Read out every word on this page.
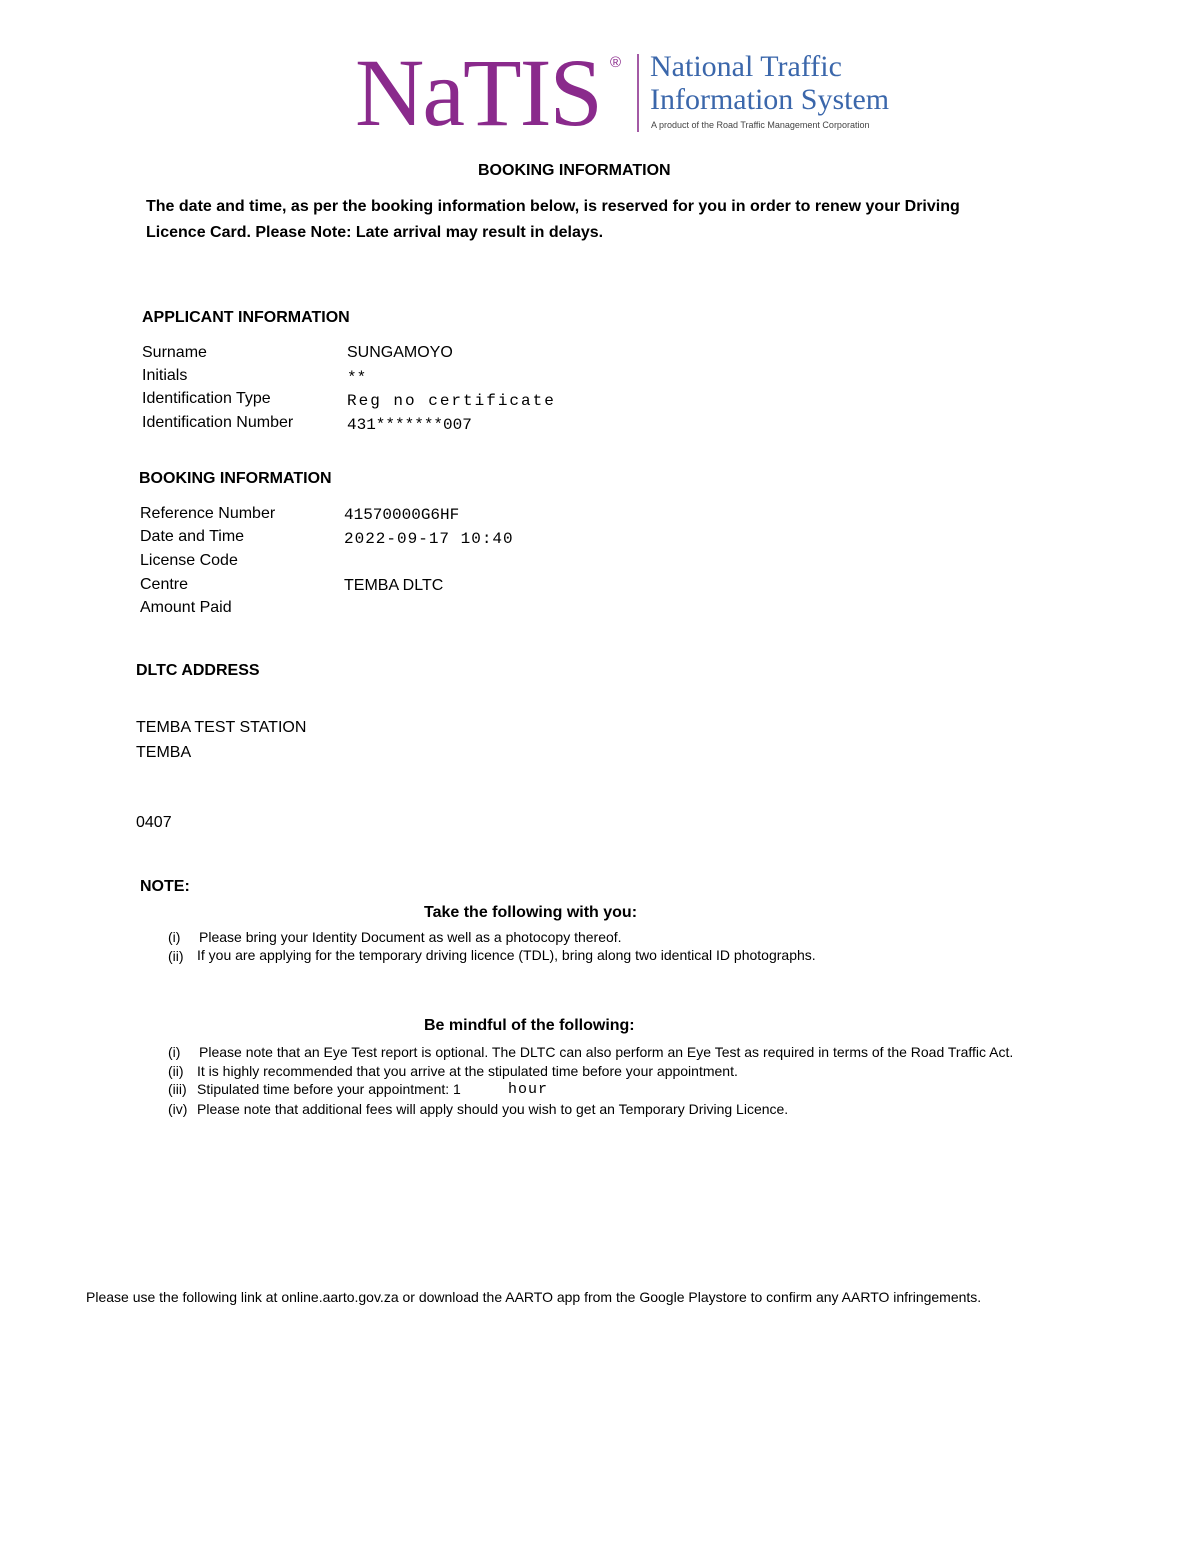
NaTIS ® National Traffic
Information System
A product of the Road Traffic Management Corporation
BOOKING INFORMATION
The date and time, as per the booking information below, is reserved for you in order to renew your Driving
Licence Card. Please Note: Late arrival may result in delays.
APPLICANT INFORMATION
Surname	SUNGAMOYO
Initials	**
Identification Type	Reg no certificate
Identification Number	431*******007
BOOKING INFORMATION
Reference Number	41570000G6HF
Date and Time	2022-09-17 10:40
License Code
Centre	TEMBA DLTC
Amount Paid
DLTC ADDRESS
TEMBA TEST STATION
TEMBA
0407
NOTE:
Take the following with you:
(i) Please bring your Identity Document as well as a photocopy thereof.
(ii) If you are applying for the temporary driving licence (TDL), bring along two identical ID photographs.
Be mindful of the following:
(i) Please note that an Eye Test report is optional. The DLTC can also perform an Eye Test as required in terms of the Road Traffic Act.
(ii) It is highly recommended that you arrive at the stipulated time before your appointment.
(iii) Stipulated time before your appointment: 1	hour
(iv) Please note that additional fees will apply should you wish to get an Temporary Driving Licence.
Please use the following link at online.aarto.gov.za or download the AARTO app from the Google Playstore to confirm any AARTO infringements.
